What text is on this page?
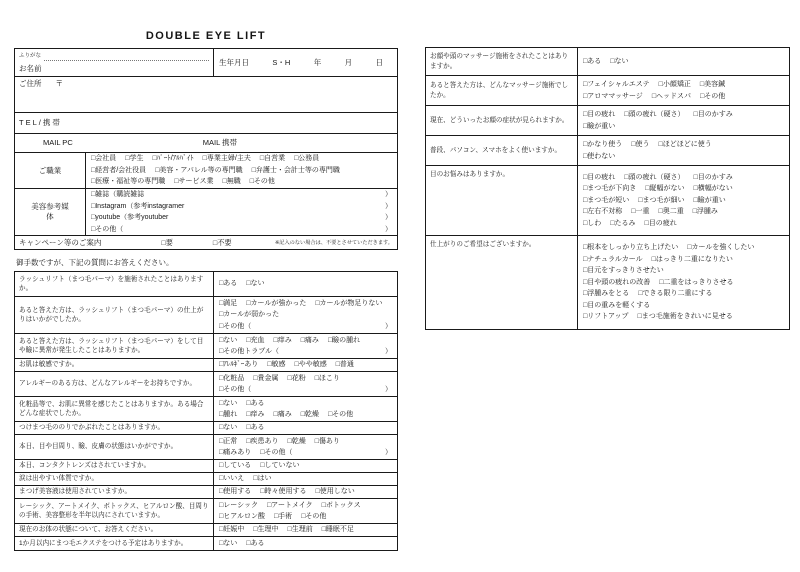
DOUBLE EYE LIFT
ふりがな
お名前
生年月日	S・H	年	月	日
ご住所 〒
TEL/携帯
MAIL PC	MAIL 携帯
ご職業
□会社員 □学生 □ﾊﾟｰﾄ/ｱﾙﾊﾞｲﾄ □専業主婦/主夫 □自営業 □公務員
□経営者/会社役員 □美容・アパレル等の専門職 □弁護士・会計士等の専門職
□医療・福祉等の専門職 □サービス業 □無職 □その他
美容参考媒体
□雑誌（購読雑誌	）
□Instagram（参考instagramer	）
□youtube（参考youtuber	）
□その他（	）
キャンペーン等のご案内	□要	□不要	※記入のない場合は、不要とさせていただきます。
御手数ですが、下記の質問にお答えください。
ラッシュリフト（まつ毛パーマ）を施術されたことはありますか。
□ある □ない
あると答えた方は、ラッシュリフト（まつ毛パーマ）の仕上がりはいかがでしたか。
□満足 □カールが強かった □カールが物足りない
□カールが弱かった
□その他（	）
あると答えた方は、ラッシュリフト（まつ毛パーマ）をして目や瞼に異常が発生したことはありますか。
□ない □充血 □痒み □痛み □瞼の腫れ
□その他トラブル（	）
お肌は敏感ですか。	□ｱﾚﾙｷﾞｰあり □敏感 □やや敏感 □普通
アレルギーのある方は、どんなアレルギーをお持ちですか。
□化粧品 □貴金属 □花粉 □ほこり
□その他（	）
化粧品等で、お肌に異常を感じたことはありますか。ある場合どんな症状でしたか。
□ない □ある
□腫れ □痒み □痛み □乾燥 □その他
つけまつ毛ののりでかぶれたことはありますか。	□ない □ある
本日、目や目周り、瞼、皮膚の状態はいかがですか。
□正常 □疾患あり □乾燥 □傷あり
□痛みあり □その他（	）
本日、コンタクトレンズはされていますか。	□している □していない
涙は出やすい体質ですか。	□いいえ □はい
まつげ美容液は使用されていますか。	□使用する □時々使用する □使用しない
レーシック、アートメイク、ボトックス、ヒアルロン酸、目周りの手術、美容整形を半年以内にされていますか。
□レーシック □アートメイク □ボトックス
□ヒアルロン酸 □手術 □その他
現在のお体の状態について、お答えください。	□妊娠中 □生理中 □生理前 □睡眠不足
1か月以内にまつ毛エクステをつける予定はありますか。	□ない □ある
お顔や頭のマッサージ施術をされたことはありますか。
□ある □ない
あると答えた方は、どんなマッサージ施術でしたか。
□フェイシャルエステ □小顔矯正 □美容鍼
□アロママッサージ □ヘッドスパ □その他
現在、どういったお顔の症状が見られますか。
□目の疲れ □頭の疲れ（硬さ） □目のかすみ
□瞼が重い
普段、パソコン、スマホをよく使いますか。
□かなり使う □使う □ほどほどに使う
□使わない
目のお悩みはありますか。	□目の疲れ □頭の疲れ（硬さ） □目のかすみ
□まつ毛が下向き □縦幅がない □横幅がない
□まつ毛が短い □まつ毛が細い □瞼が重い
□左右不対称 □一重 □奥二重 □浮腫み
□しわ □たるみ □目の疲れ
仕上がりのご希望はございますか。	□根本をしっかり立ち上げたい □カールを強くしたい
□ナチュラルカール □はっきり二重になりたい
□目元をすっきりさせたい
□目や頭の疲れの改善 □二重をはっきりさせる
□浮腫みをとる □できる限り二重にする
□目の重みを軽くする
□リフトアップ □まつ毛施術をきれいに見せる
